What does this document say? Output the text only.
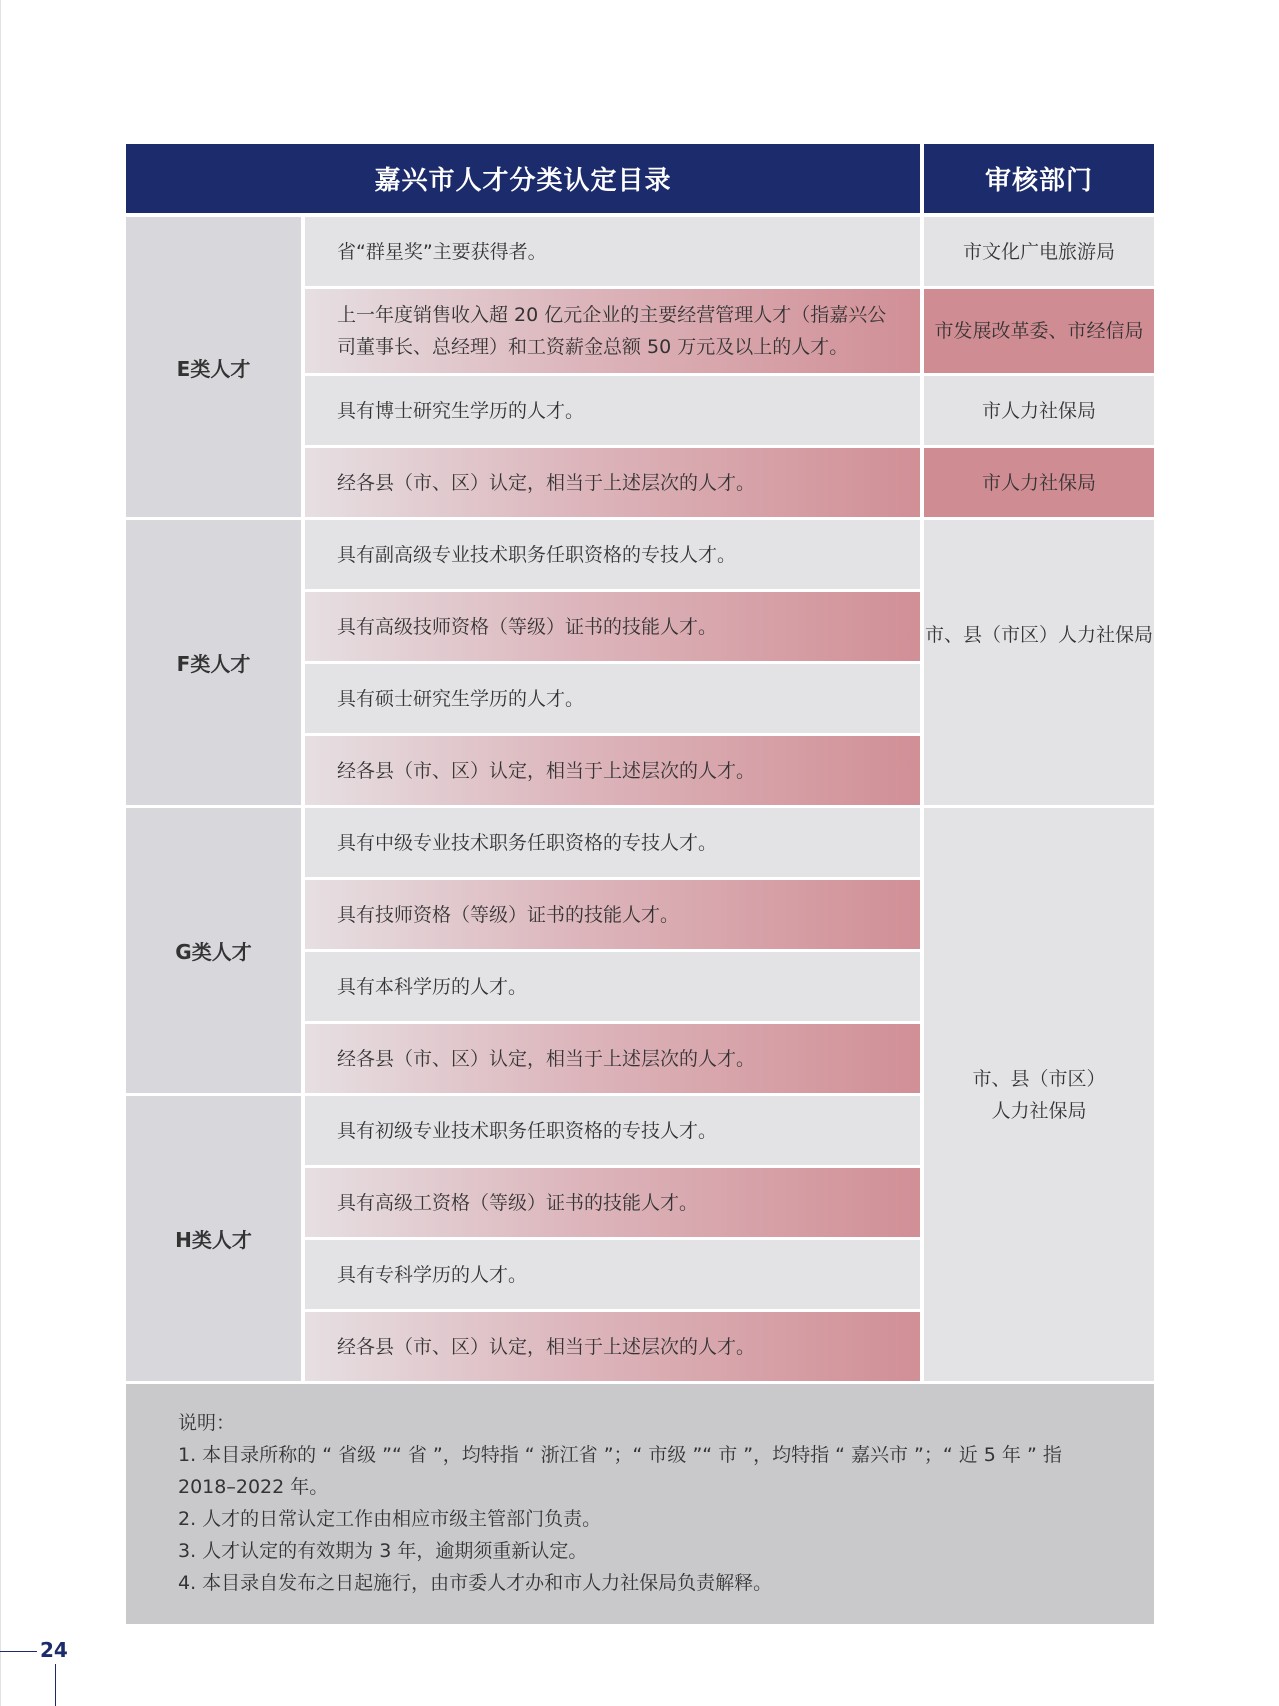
嘉兴市人才分类认定目录	审核部门
E类人才
省“群星奖”主要获得者。
上一年度销售收入超 20 亿元企业的主要经营管理人才（指嘉兴公司董事长、总经理）和工资薪金总额 50 万元及以上的人才。
具有博士研究生学历的人才。
经各县（市、区）认定，相当于上述层次的人才。
市文化广电旅游局
市发展改革委、市经信局
市人力社保局
市人力社保局
F类人才
具有副高级专业技术职务任职资格的专技人才。
具有高级技师资格（等级）证书的技能人才。
具有硕士研究生学历的人才。
经各县（市、区）认定，相当于上述层次的人才。
市、县（市区）人力社保局
G类人才
具有中级专业技术职务任职资格的专技人才。
具有技师资格（等级）证书的技能人才。
具有本科学历的人才。
经各县（市、区）认定，相当于上述层次的人才。
H类人才
具有初级专业技术职务任职资格的专技人才。
具有高级工资格（等级）证书的技能人才。
具有专科学历的人才。
经各县（市、区）认定，相当于上述层次的人才。
市、县（市区）
人力社保局
说明：
1. 本目录所称的 “ 省级 ”“ 省 ”，均特指 “ 浙江省 ”；“ 市级 ”“ 市 ”，均特指 “ 嘉兴市 ”；“ 近 5 年 ” 指 2018–2022 年。
2. 人才的日常认定工作由相应市级主管部门负责。
3. 人才认定的有效期为 3 年，逾期须重新认定。
4. 本目录自发布之日起施行，由市委人才办和市人力社保局负责解释。
24
